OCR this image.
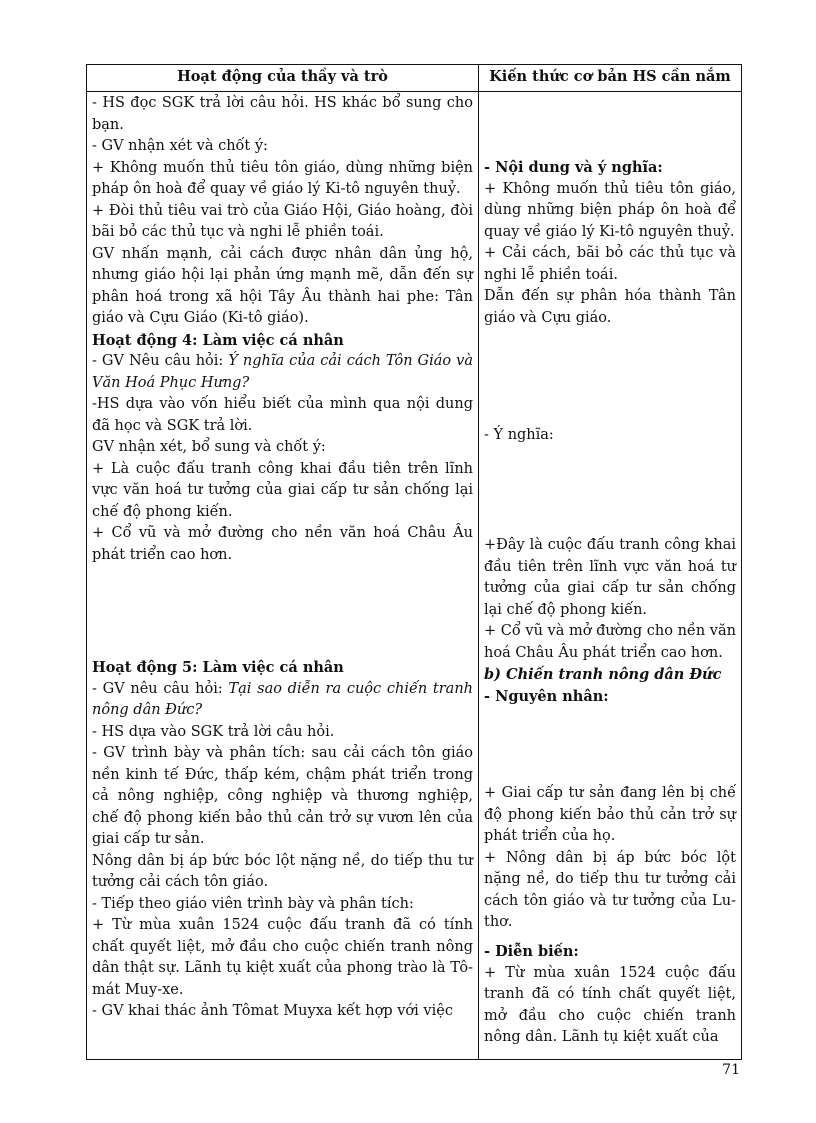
Hoạt động của thầy và trò	Kiến thức cơ bản HS cần nắm

- HS đọc SGK trả lời câu hỏi. HS khác bổ sung cho bạn.

- GV nhận xét và chốt ý:

+ Không muốn thủ tiêu tôn giáo, dùng những biện pháp ôn hoà để quay về giáo lý Ki-tô nguyên thuỷ.

+ Đòi thủ tiêu vai trò của Giáo Hội, Giáo hoàng, đòi bãi bỏ các thủ tục và nghi lễ phiền toái.

GV nhấn mạnh, cải cách được nhân dân ủng hộ, nhưng giáo hội lại phản ứng mạnh mẽ, dẫn đến sự phân hoá trong xã hội Tây Âu thành hai phe: Tân giáo và Cựu Giáo (Ki-tô giáo).

Hoạt động 4: Làm việc cá nhân

- GV Nêu câu hỏi: Ý nghĩa của cải cách Tôn Giáo và Văn Hoá Phục Hưng?

-HS dựa vào vốn hiểu biết của mình qua nội dung đã học và SGK trả lời.

GV nhận xét, bổ sung và chốt ý:

+ Là cuộc đấu tranh công khai đầu tiên trên lĩnh vực văn hoá tư tưởng của giai cấp tư sản chống lại chế độ phong kiến.

+ Cổ vũ và mở đường cho nền văn hoá Châu Âu phát triển cao hơn.

Hoạt động 5: Làm việc cá nhân

- GV nêu câu hỏi: Tại sao diễn ra cuộc chiến tranh nông dân Đức?

- HS dựa vào SGK trả lời câu hỏi.

- GV trình bày và phân tích: sau cải cách tôn giáo nền kinh tế Đức, thấp kém, chậm phát triển trong cả nông nghiệp, công nghiệp và thương nghiệp, chế độ phong kiến bảo thủ cản trở sự vươn lên của giai cấp tư sản.

Nông dân bị áp bức bóc lột nặng nề, do tiếp thu tư tưởng cải cách tôn giáo.

- Tiếp theo giáo viên trình bày và phân tích:

+ Từ mùa xuân 1524 cuộc đấu tranh đã có tính chất quyết liệt, mở đầu cho cuộc chiến tranh nông dân thật sự. Lãnh tụ kiệt xuất của phong trào là Tô-mát Muy-xe.

- GV khai thác ảnh Tômat Muyxa kết hợp với việc

- Nội dung và ý nghĩa:

+ Không muốn thủ tiêu tôn giáo, dùng những biện pháp ôn hoà để quay về giáo lý Ki-tô nguyên thuỷ.

+ Cải cách, bãi bỏ các thủ tục và nghi lễ phiền toái.

Dẫn đến sự phân hóa thành Tân giáo và Cựu giáo.

- Ý nghĩa:

+Đây là cuộc đấu tranh công khai đầu tiên trên lĩnh vực văn hoá tư tưởng của giai cấp tư sản chống lại chế độ phong kiến.

+ Cổ vũ và mở đường cho nền văn hoá Châu Âu phát triển cao hơn.

b) Chiến tranh nông dân Đức

- Nguyên nhân:

+ Giai cấp tư sản đang lên bị chế độ phong kiến bảo thủ cản trở sự phát triển của họ.

+ Nông dân bị áp bức bóc lột nặng nề, do tiếp thu tư tưởng cải cách tôn giáo và tư tưởng của Lu-thơ.

- Diễn biến:

+ Từ mùa xuân 1524 cuộc đấu tranh đã có tính chất quyết liệt, mở đầu cho cuộc chiến tranh nông dân. Lãnh tụ kiệt xuất của

71
